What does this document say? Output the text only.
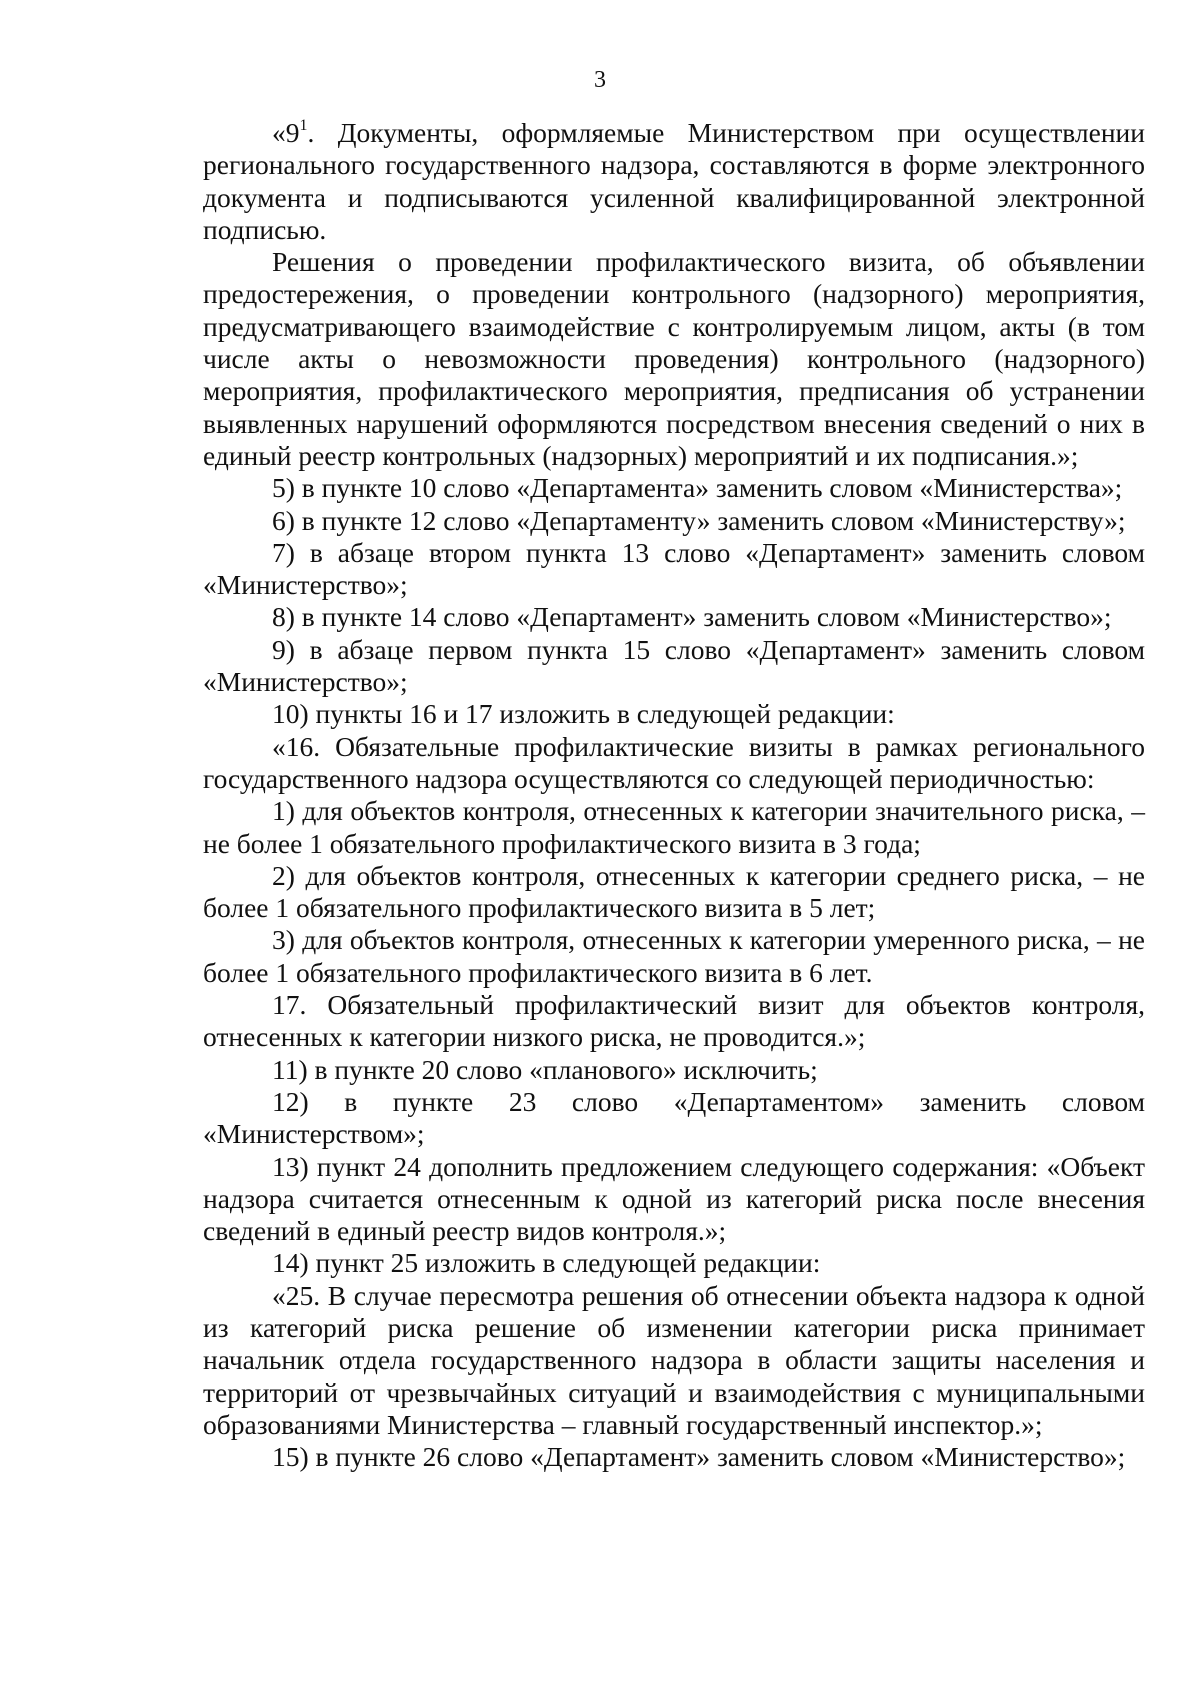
3

«$9^1$. Документы, оформляемые Министерством при осуществлении регионального государственного надзора, составляются в форме электронного документа и подписываются усиленной квалифицированной электронной подписью.

Решения о проведении профилактического визита, об объявлении предостережения, о проведении контрольного (надзорного) мероприятия, предусматривающего взаимодействие с контролируемым лицом, акты (в том числе акты о невозможности проведения) контрольного (надзорного) мероприятия, профилактического мероприятия, предписания об устранении выявленных нарушений оформляются посредством внесения сведений о них в единый реестр контрольных (надзорных) мероприятий и их подписания.»;

5) в пункте 10 слово «Департамента» заменить словом «Министерства»;

6) в пункте 12 слово «Департаменту» заменить словом «Министерству»;

7) в абзаце втором пункта 13 слово «Департамент» заменить словом «Министерство»;

8) в пункте 14 слово «Департамент» заменить словом «Министерство»;

9) в абзаце первом пункта 15 слово «Департамент» заменить словом «Министерство»;

10) пункты 16 и 17 изложить в следующей редакции:

«16. Обязательные профилактические визиты в рамках регионального государственного надзора осуществляются со следующей периодичностью:

1) для объектов контроля, отнесенных к категории значительного риска, – не более 1 обязательного профилактического визита в 3 года;

2) для объектов контроля, отнесенных к категории среднего риска, – не более 1 обязательного профилактического визита в 5 лет;

3) для объектов контроля, отнесенных к категории умеренного риска, – не более 1 обязательного профилактического визита в 6 лет.

17. Обязательный профилактический визит для объектов контроля, отнесенных к категории низкого риска, не проводится.»;

11) в пункте 20 слово «планового» исключить;

12) в пункте 23 слово «Департаментом» заменить словом «Министерством»;

13) пункт 24 дополнить предложением следующего содержания: «Объект надзора считается отнесенным к одной из категорий риска после внесения сведений в единый реестр видов контроля.»;

14) пункт 25 изложить в следующей редакции:

«25. В случае пересмотра решения об отнесении объекта надзора к одной из категорий риска решение об изменении категории риска принимает начальник отдела государственного надзора в области защиты населения и территорий от чрезвычайных ситуаций и взаимодействия с муниципальными образованиями Министерства – главный государственный инспектор.»;

15) в пункте 26 слово «Департамент» заменить словом «Министерство»;
